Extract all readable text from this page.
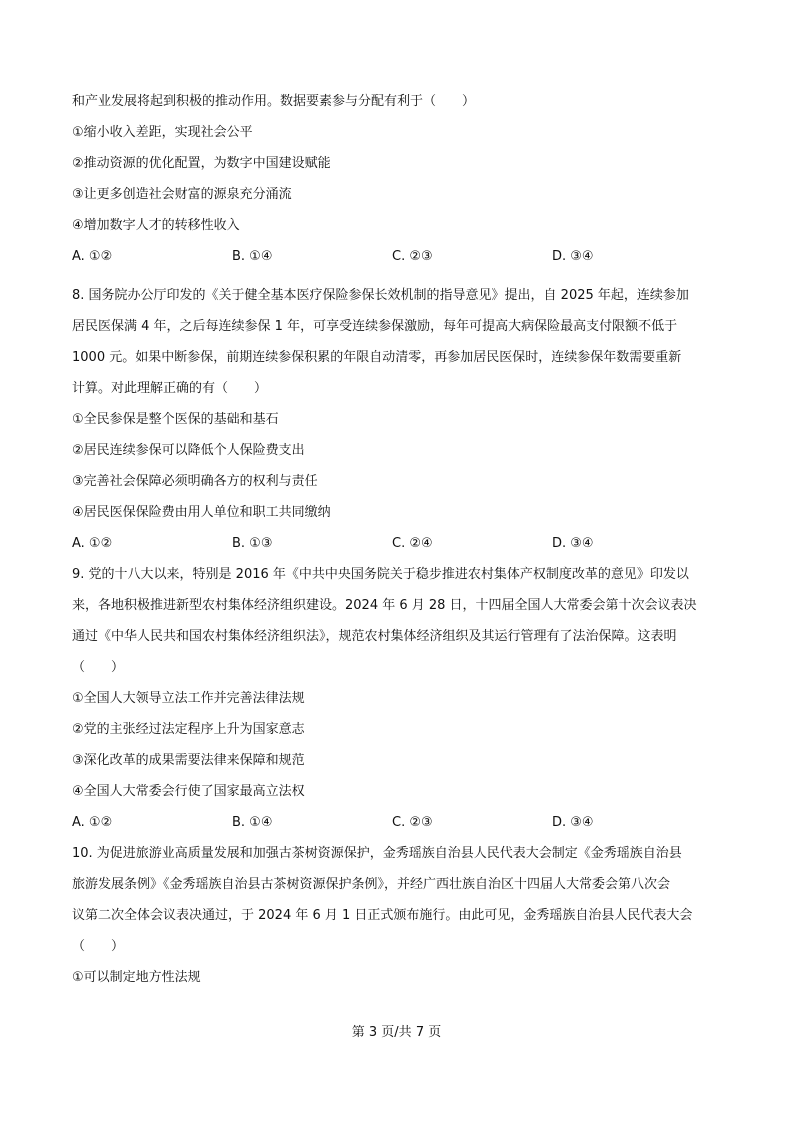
和产业发展将起到积极的推动作用。数据要素参与分配有利于（　　）
①缩小收入差距，实现社会公平
②推动资源的优化配置，为数字中国建设赋能
③让更多创造社会财富的源泉充分涌流
④增加数字人才的转移性收入
A. ①②	B. ①④	C. ②③	D. ③④
8. 国务院办公厅印发的《关于健全基本医疗保险参保长效机制的指导意见》提出，自 2025 年起，连续参加
居民医保满 4 年，之后每连续参保 1 年，可享受连续参保激励，每年可提高大病保险最高支付限额不低于
1000 元。如果中断参保，前期连续参保积累的年限自动清零，再参加居民医保时，连续参保年数需要重新
计算。对此理解正确的有（　　）
①全民参保是整个医保的基础和基石
②居民连续参保可以降低个人保险费支出
③完善社会保障必须明确各方的权利与责任
④居民医保保险费由用人单位和职工共同缴纳
A. ①②	B. ①③	C. ②④	D. ③④
9. 党的十八大以来，特别是 2016 年《中共中央国务院关于稳步推进农村集体产权制度改革的意见》印发以
来，各地积极推进新型农村集体经济组织建设。2024 年 6 月 28 日，十四届全国人大常委会第十次会议表决
通过《中华人民共和国农村集体经济组织法》，规范农村集体经济组织及其运行管理有了法治保障。这表明
（　　）
①全国人大领导立法工作并完善法律法规
②党的主张经过法定程序上升为国家意志
③深化改革的成果需要法律来保障和规范
④全国人大常委会行使了国家最高立法权
A. ①②	B. ①④	C. ②③	D. ③④
10. 为促进旅游业高质量发展和加强古茶树资源保护，金秀瑶族自治县人民代表大会制定《金秀瑶族自治县
旅游发展条例》《金秀瑶族自治县古茶树资源保护条例》，并经广西壮族自治区十四届人大常委会第八次会
议第二次全体会议表决通过，于 2024 年 6 月 1 日正式颁布施行。由此可见，金秀瑶族自治县人民代表大会
（　　）
①可以制定地方性法规
第 3 页/共 7 页
